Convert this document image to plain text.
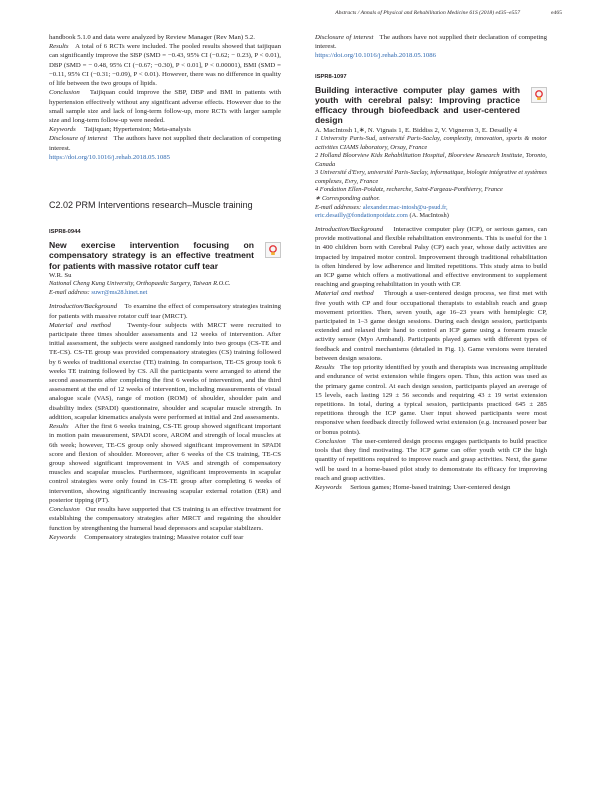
Abstracts / Annals of Physical and Rehabilitation Medicine 61S (2018) e435–e557	e465

handbook 5.1.0 and data were analyzed by Review Manager (Rev Man) 5.2.

Results A total of 6 RCTs were included. The pooled results showed that taijiquan can significantly improve the SBP (SMD = −0.43, 95% CI (−0.62; − 0.23), P < 0.01), DBP (SMD = − 0.48, 95% CI (−0.67; −0.30), P < 0.01], P < 0.00001), BMI (SMD = −0.11, 95% CI (−0.31; −0.09), P < 0.01). However, there was no difference in quality of life between the two groups of lipids.

Conclusion Taijiquan could improve the SBP, DBP and BMI in patients with hypertension effectively without any significant adverse effects. However due to the small sample size and lack of long-term follow-up, more RCTs with larger sample size and long-term follow-up were needed.

Keywords Taijiquan; Hypertension; Meta-analysis

Disclosure of interest The authors have not supplied their declaration of competing interest.

https://doi.org/10.1016/j.rehab.2018.05.1085

C2.02 PRM Interventions research–Muscle training

ISPR8-0944

New exercise intervention focusing on compensatory strategy is an effective treatment for patients with massive rotator cuff tear

W.R. Su

National Cheng Kung University, Orthopaedic Surgery, Taiwan R.O.C.

E-mail address: suwr@ms28.hinet.net

Introduction/Background To examine the effect of compensatory strategies training for patients with massive rotator cuff tear (MRCT).

Material and method Twenty-four subjects with MRCT were recruited to participate three times shoulder assessments and 12 weeks of intervention. After initial assessment, the subjects were assigned randomly into two groups (CS-TE and TE-CS). CS-TE group was provided compensatory strategies (CS) training followed by 6 weeks of traditional exercise (TE) training. In comparison, TE-CS group took 6 weeks TE training followed by CS. All the participants were arranged to attend the second assessments after completing the first 6 weeks of intervention, and the third assessment at the end of 12 weeks of intervention, including measurements of visual analogue scale (VAS), range of motion (ROM) of shoulder, shoulder pain and disability index (SPADI) questionnaire, shoulder and scapular muscle strength. In addition, scapular kinematics analysis were performed at initial and 2nd assessments.

Results After the first 6 weeks training, CS-TE group showed significant important in motion pain measurement, SPADI score, AROM and strength of local muscles at 6th week; however, TE-CS group only showed significant improvement in SPADI score and flexion of shoulder. Moreover, after 6 weeks of the CS training, TE-CS group showed significant improvement in VAS and strength of compensatory muscles and scapular muscles. Furthermore, significant improvements in scapular control strategies were only found in CS-TE group after completing 6 weeks of intervention, showing significantly increasing scapular external rotation (ER) and posterior tipping (PT).

Conclusion Our results have supported that CS training is an effective treatment for establishing the compensatory strategies after MRCT and regaining the shoulder function by strengthening the humeral head depressors and scapular stabilizers.

Keywords Compensatory strategies training; Massive rotator cuff tear

Disclosure of interest The authors have not supplied their declaration of competing interest.

https://doi.org/10.1016/j.rehab.2018.05.1086

ISPR8-1097

Building interactive computer play games with youth with cerebral palsy: Improving practice efficacy through biofeedback and user-centered design

A. MacIntosh 1,∗, N. Vignais 1, E. Biddiss 2, V. Vigneron 3, E. Desailly 4

1 University Paris-Sud, université Paris-Saclay, complexity, innovation, sports & motor activities CIAMS laboratory, Orsay, France

2 Holland Bloorview Kids Rehabilitation Hospital, Bloorview Research Institute, Toronto, Canada

3 Université d'Evry, université Paris-Saclay, informatique, biologie intégrative et systèmes complexes, Evry, France

4 Fondation Ellen-Poidatz, recherche, Saint-Fargeau-Ponthierry, France

∗ Corresponding author.

E-mail addresses: alexander.mac-intosh@u-psud.fr,

eric.desailly@fondationpoidatz.com (A. MacIntosh)

Introduction/Background Interactive computer play (ICP), or serious games, can provide motivational and flexible rehabilitation environments. This is useful for the 1 in 400 children born with Cerebral Palsy (CP) each year, whose daily activities are impacted by impaired motor control. Improvement through traditional rehabilitation is often hindered by low adherence and limited repetitions. This study aims to build an ICP game which offers a motivational and effective environment to supplement reaching and grasping rehabilitation in youth with CP.

Material and method Through a user-centered design process, we first met with five youth with CP and four occupational therapists to establish reach and grasp movement priorities. Then, seven youth, age 16–23 years with hemiplegic CP, participated in 1–3 game design sessions. During each design session, participants extended and relaxed their hand to control an ICP game using a forearm muscle activity sensor (Myo Armband). Participants played games with different types of feedback and control mechanisms (detailed in Fig. 1). Game versions were iterated between design sessions.

Results The top priority identified by youth and therapists was increasing amplitude and endurance of wrist extension while fingers open. Thus, this action was used as the primary game control. At each design session, participants played an average of 15 levels, each lasting 129 ± 56 seconds and requiring 43 ± 19 wrist extension repetitions. In total, during a typical session, participants practiced 645 ± 285 repetitions through the ICP game. User input showed participants were most responsive when feedback directly followed wrist extension (e.g. increased power bar or bonus points).

Conclusion The user-centered design process engages participants to build practice tools that they find motivating. The ICP game can offer youth with CP the high quantity of repetitions required to improve reach and grasp activities. Next, the game will be used in a home-based pilot study to demonstrate its efficacy for improving reach and grasp activities.

Keywords Serious games; Home-based training; User-centered design
